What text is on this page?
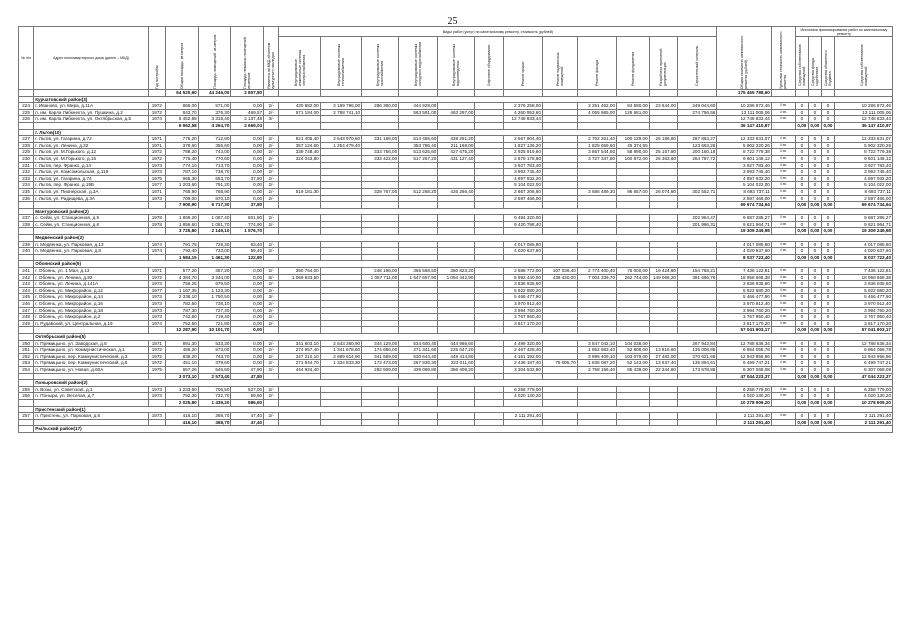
25
№ п/п	Адрес многоквартирного дома (далее – МКД)	Год постройки	Общая площадь, кв.метров	Площадь помещений, кв.метров	Площадь нежилых помещений, кв.метров	Является ли МКД объектом культурного наследия	Виды работ (услуг) по капитальному ремонту, стоимость (рублей)												Общая стоимость капитального ремонта (рублей)	Удельная стоимость капитального ремонта	Источники финансирования работ по капитальному ремонту			

							Внутридомовые инженерные системы электроснабжения	Внутридомовые системы теплоснабжения	Внутридомовые системы газоснабжения	Внутридомовые системы холодного водоснабжения	Внутридомовые системы водоотведения	Лифтовое оборудование	Ремонт крыши	Ремонт подвальных помещений	Ремонт фасада	Ремонт фундамента	Разработка проектной документации	Строительный контроль			Средства собственников помещений	Средства фонда содействия	Средства областного бюджета	Средства собственников помещений

			64 520,60	44 246,00	2 807,80														175 465 788,60					
	Курчатовский район(3)																							
224	г. Иваново, ул. Мира, д.11А	1972	866,00	571,00	0,00	2/-	430 882,00	2 199 796,00	286 390,00	444 928,00			2 376 258,00		3 251 462,00	84 580,00	23 644,00	249 044,60	10 286 872,46	4 хв.	0	0	0	10 286 872,46
225	п. им. Карла Либкнехта, ул. Пушкина, д.2	1972	843,70	376,30	469,57	2/-	571 184,00	2 788 741,10		563 591,00	463 297,00		4 260 953,60		4 055 965,00	126 681,00		274 756,56	13 111 005,06	4 хв.	0	0	0	13 111 005,06
226	п. им. Карла Либкнехта, ул. Октябрьская, д.5	1974	5 452,88	3 315,40	2 137,48	3/-							12 748 833,44						12 748 833,44	4 хв.	0	0	0	12 748 833,44
			6 962,58	4 264,70	2 669,03														36 147 410,97		0,00	0,00	0,00	36 147 410,97
	г. Льгов(10)																							
227	г. Льгов, ул. Гагарина, д.72	1971	776,20	712,80	0,00	2/-	821 405,40	2 543 970,60	331 186,00	514 455,60	428 251,20		2 567 904,40		2 702 261,40	100 129,00	26 186,80	287 863,27	12 333 831,07	4 хв.	0	0	0	12 333 831,07
228	г. Льгов, ул. Ленина, д.32	1971	378,60	355,60	0,00	2/-	357 124,60	1 254 479,40		353 786,40	211 168,00		1 827 136,20		1 825 659,60	45 374,65		123 663,26	5 902 320,26	4 хв.	0	0	0	5 902 320,26
229	г. Льгов, ул. М.Горького, д.12	1972	788,20	743,00	0,00	2/-	339 748,40		333 756,00	513 625,60	427 675,20		2 925 919,60		3 867 544,60	58 990,00	25 157,80	200 160,18	8 722 779,38	4 хв.	0	0	0	8 722 779,38
230	г. Льгов, ул. М.Горького, д.15	1972	775,40	770,60	0,00	2/-	324 043,80		333 422,00	517 267,20	431 127,40		2 879 178,60		3 727 347,80	100 872,00	26 363,60	264 787,72	9 601 148,12	4 хв.	0	0	0	9 601 148,12
231	г. Льгов, пер. Франко, д.14	1973	774,10	713,70	0,00	2/-							3 927 783,40						3 927 783,40	4 хв.	0	0	0	3 927 783,40
232	г. Льгов, ул. Комсомольская, д.119	1973	787,10	738,70	0,00	2/-							3 993 745,40						3 993 745,40	4 хв.	0	0	0	3 993 745,40
233	г. Льгов, ул. Гагарина, д.74	1975	965,30	653,70	37,80	2/-							4 897 932,20						4 897 932,20	4 хв.	0	0	0	4 897 932,20
234	г. Льгов, пер. Франко, д.19Б	1977	1 203,60	791,20	0,00	2/-							5 104 022,00						5 104 022,00	4 хв.	0	0	0	5 104 022,00
235	г. Льгов, ул. Пионерская, д.3А	1971	765,90	768,90	0,00	2/-	519 181,30		328 767,00	512 268,20	426 286,40		2 867 208,60		3 686 489,30	96 657,00	26 074,60	302 552,71	8 693 737,11	4 хв.	0	0	0	8 693 737,11
236	г. Льгов, ул. Радищева, д.3А	1973	709,00	670,10	0,00	2/-							2 597 466,00						2 597 466,00	4 хв.	0	0	0	2 597 466,00
			7 900,90	6 717,30	37,80														69 674 734,94		0,00	0,00	0,00	69 674 734,94
	Мантуровский район(2)																							
237	с. Сейм, ул. Станционная, д.5	1978	1 869,20	1 067,40	801,80	2/-							9 484 320,00					202 964,47	9 687 285,27	4 хв.	0	0	0	9 687 285,27
238	с. Сейм, ул. Станционная, д.6	1978	1 856,60	1 081,70	774,90	2/-							9 420 798,40					201 996,31	9 621 964,71	4 хв.	0	0	0	9 621 964,71
			3 725,80	2 149,10	1 576,70														19 309 249,98		0,00	0,00	0,00	19 309 249,98
	Медвенский район(2)																							
239	п. Медвенка, ул. Парковая, д.13	1974	791,75	728,30	63,40	2/-							4 017 085,80						4 017 085,80	4 хв.	0	0	0	4 017 085,80
240	п. Медвенка, ул. Парковая, д.8	1974	792,40	733,00	59,40	2/-							4 020 637,60						4 020 637,60	4 хв.	0	0	0	4 020 637,60
			1 584,15	1 461,30	122,80														8 037 723,40		0,00	0,00	0,00	8 037 723,40
	Обоянский район(9)																							
241	г. Обоянь, ул. 1 Мая, д.13	1971	577,20	357,20	0,00	2/-	390 764,00		248 196,00	365 568,50	350 823,20		2 588 772,00	107 036,40	2 774 400,40	75 000,00	19 424,80	154 758,21	7 436 122,81	4 хв.	0	0	0	7 436 122,81
242	г. Обоянь, ул. Ленина, д.92	1972	4 384,70	3 244,00	0,00	6/-	1 069 833,50		1 057 711,00	1 547 657,90	1 094 442,90		5 992 440,00	438 430,00	7 004 339,70	262 744,00	149 066,20	391 666,76	18 958 668,38	4 хв.	0	0	0	18 958 668,38
243	г. Обоянь, ул. Ленина, д.141А	1973	756,25	679,50	0,00	2/-							3 836 935,60						3 836 935,60	4 хв.	0	0	0	3 836 935,60
244	г. Обоянь, ул. Микрорайон, д.12	1977	1 167,35	1 123,30	0,00	2/-							5 922 880,20						5 922 880,20	4 хв.	0	0	0	5 922 880,20
245	г. Обоянь, ул. Микрорайон, д.14	1973	2 338,10	1 750,50	0,00	3/-							5 466 477,90						5 466 477,90	4 хв.	0	0	0	5 466 477,90
246	г. Обоянь, ул. Микрорайон, д.16	1973	782,60	738,10	0,00	2/-							3 970 912,40						3 970 912,40	4 хв.	0	0	0	3 970 912,40
247	г. Обоянь, ул. Микрорайон, д.18	1973	787,30	727,40	0,00	2/-							3 994 760,20						3 994 760,20	4 хв.	0	0	0	3 994 760,20
248	г. Обоянь, ул. Микрорайон, д.2	1973	742,60	719,40	0,00	2/-							3 767 950,40						3 767 950,40	4 хв.	0	0	0	3 767 950,40
249	п. Рудавский, ул. Центральная, д.19	1974	752,50	721,80	0,00	2/-							3 817 170,20						3 817 170,20	4 хв.	0	0	0	3 817 170,20
			12 287,90	10 101,70	0,00														57 041 903,17		0,00	0,00	0,00	57 041 903,17
	Октябрьский район(5)																							
250	п. Прямицыно, ул. Заводская, д.8	1971	891,30	533,30	0,00	2/-	341 803,10	2 643 360,90	344 129,00	534 600,40	444 966,60		4 499 320,00		3 847 042,10	104 038,00		267 942,84	12 788 636,34	4 хв.	0	0	0	12 788 636,34
251	п. Прямицыно, ул. Коммунистическая, д.1	1972	486,20	573,00	0,00	2/-	274 957,40	1 341 678,60	174 686,00	271 341,60	225 647,20		2 467 428,40		1 852 683,40	52 806,00	13 816,60	135 008,95	6 954 058,78	4 хв.	0	0	0	6 954 058,78
252	п. Прямицыно, пер. Коммунистический, д.3	1972	838,20	743,70	0,00	2/-	347 210,10	2 689 614,90	341 589,00	530 644,40	448 414,80		4 151 192,00		3 895 409,10	103 079,00	27 482,00	270 621,66	12 943 956,96	4 хв.	0	0	0	12 943 956,96
253	п. Прямицыно, пер. Коммунистический, д.5	1972	451,10	379,60	0,00	2/-	271 544,70	1 334 833,30	172 473,00	267 936,30	223 011,60		2 436 187,40	75 005,70	1 836 087,20	52 143,00	13 637,40	135 894,61	6 499 747,21	4 хв.	0	0	0	6 499 747,21
254	п. Прямицыно, ул. Новая, д.60А	1975	657,26	546,60	47,80	2/-	444 924,40		282 509,00	439 069,80	366 409,20		3 304 532,80		2 758 156,40	85 439,00	22 344,80	173 578,86	8 307 068,08	4 хв.	0	0	0	8 307 068,08
			3 073,10	2 573,40	47,80														47 044 223,37		0,00	0,00	0,00	47 044 223,37
	Поныровский район(2)																							
255	п. Возы, ул. Советская, д.1	1973	1 233,50	706,50	527,00	2/-							6 258 779,00						6 258 779,00	4 хв.	0	0	0	6 258 779,00
256	п. Поныри, ул. Веселая, д.7	1973	792,30	732,70	59,60	2/-							4 020 130,20						4 020 130,20	4 хв.	0	0	0	4 020 130,20
			2 025,80	1 439,20	586,60														10 278 909,20		0,00	0,00	0,00	10 278 909,20
	Пристенский район(1)																							
257	п. Пристень, ул. Парковая, д.6	1973	416,10	368,70	47,40	2/-							2 111 291,40						2 111 291,40	4 хв.	0	0	0	2 111 291,40
			416,10	368,70	47,40														2 111 291,40		0,00	0,00	0,00	2 111 291,40
	Рыльский район(17)																							
